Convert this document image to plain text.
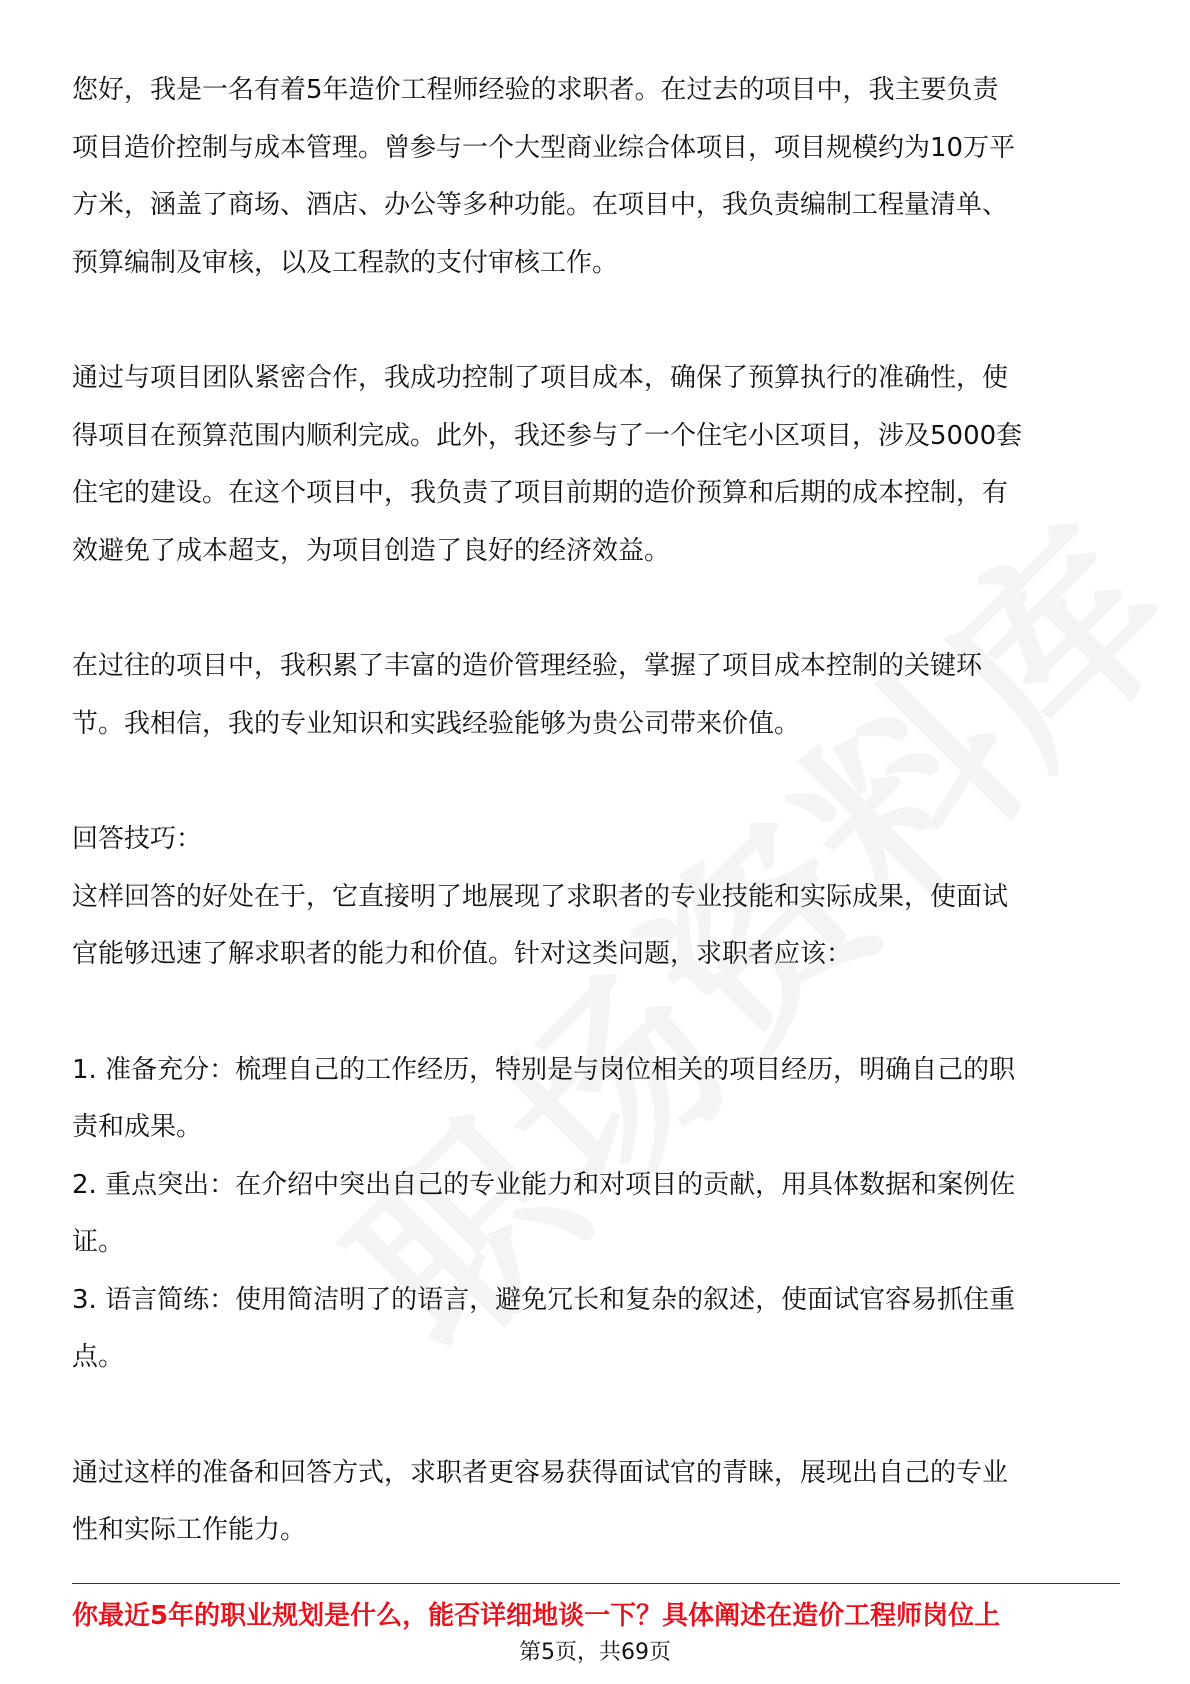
您好，我是一名有着5年造价工程师经验的求职者。在过去的项目中，我主要负责
项目造价控制与成本管理。曾参与一个大型商业综合体项目，项目规模约为10万平
方米，涵盖了商场、酒店、办公等多种功能。在项目中，我负责编制工程量清单、
预算编制及审核，以及工程款的支付审核工作。

通过与项目团队紧密合作，我成功控制了项目成本，确保了预算执行的准确性，使
得项目在预算范围内顺利完成。此外，我还参与了一个住宅小区项目，涉及5000套
住宅的建设。在这个项目中，我负责了项目前期的造价预算和后期的成本控制，有
效避免了成本超支，为项目创造了良好的经济效益。

在过往的项目中，我积累了丰富的造价管理经验，掌握了项目成本控制的关键环
节。我相信，我的专业知识和实践经验能够为贵公司带来价值。

回答技巧：
这样回答的好处在于，它直接明了地展现了求职者的专业技能和实际成果，使面试
官能够迅速了解求职者的能力和价值。针对这类问题，求职者应该：

1. 准备充分：梳理自己的工作经历，特别是与岗位相关的项目经历，明确自己的职
责和成果。
2. 重点突出：在介绍中突出自己的专业能力和对项目的贡献，用具体数据和案例佐
证。
3. 语言简练：使用简洁明了的语言，避免冗长和复杂的叙述，使面试官容易抓住重
点。

通过这样的准备和回答方式，求职者更容易获得面试官的青睐，展现出自己的专业
性和实际工作能力。

你最近5年的职业规划是什么，能否详细地谈一下？具体阐述在造价工程师岗位上
第5页，共69页
